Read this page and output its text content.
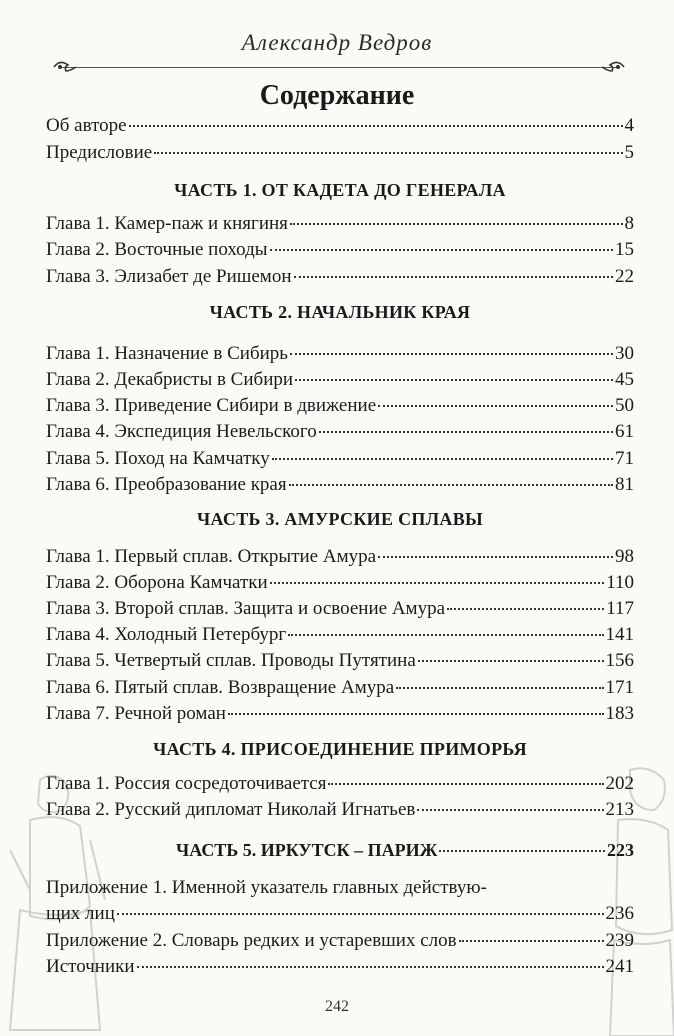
Александр Ведров
Содержание
Об авторе	4
Предисловие	5
ЧАСТЬ 1. ОТ КАДЕТА ДО ГЕНЕРАЛА
Глава 1. Камер-паж и княгиня	8
Глава 2. Восточные походы	15
Глава 3. Элизабет де Ришемон	22
ЧАСТЬ 2. НАЧАЛЬНИК КРАЯ
Глава 1. Назначение в Сибирь	30
Глава 2. Декабристы в Сибири	45
Глава 3. Приведение Сибири в движение	50
Глава 4. Экспедиция Невельского	61
Глава 5. Поход на Камчатку	71
Глава 6. Преобразование края	81
ЧАСТЬ 3. АМУРСКИЕ СПЛАВЫ
Глава 1. Первый сплав. Открытие Амура	98
Глава 2. Оборона Камчатки	110
Глава 3. Второй сплав. Защита и освоение Амура	117
Глава 4. Холодный Петербург	141
Глава 5. Четвертый сплав. Проводы Путятина	156
Глава 6. Пятый сплав. Возвращение Амура	171
Глава 7. Речной роман	183
ЧАСТЬ 4. ПРИСОЕДИНЕНИЕ ПРИМОРЬЯ
Глава 1. Россия сосредоточивается	202
Глава 2. Русский дипломат Николай Игнатьев	213
ЧАСТЬ 5. ИРКУТСК – ПАРИЖ	223
Приложение 1. Именной указатель главных действую-
щих лиц	236
Приложение 2. Словарь редких и устаревших слов	239
Источники	241
242
